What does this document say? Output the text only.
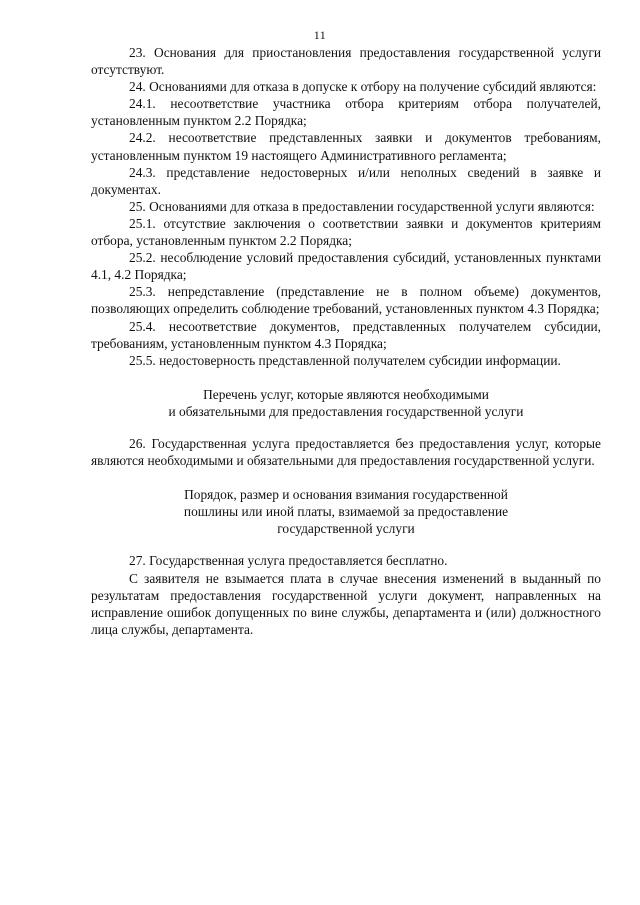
11

23. Основания для приостановления предоставления государственной услуги отсутствуют.

24. Основаниями для отказа в допуске к отбору на получение субсидий являются:

24.1. несоответствие участника отбора критериям отбора получателей, установленным пунктом 2.2 Порядка;

24.2. несоответствие представленных заявки и документов требованиям, установленным пунктом 19 настоящего Административного регламента;

24.3. представление недостоверных и/или неполных сведений в заявке и документах.

25. Основаниями для отказа в предоставлении государственной услуги являются:

25.1. отсутствие заключения о соответствии заявки и документов критериям отбора, установленным пунктом 2.2 Порядка;

25.2. несоблюдение условий предоставления субсидий, установленных пунктами 4.1, 4.2 Порядка;

25.3. непредставление (представление не в полном объеме) документов, позволяющих определить соблюдение требований, установленных пунктом 4.3 Порядка;

25.4. несоответствие документов, представленных получателем субсидии, требованиям, установленным пунктом 4.3 Порядка;

25.5. недостоверность представленной получателем субсидии информации.

Перечень услуг, которые являются необходимыми

и обязательными для предоставления государственной услуги

26. Государственная услуга предоставляется без предоставления услуг, которые являются необходимыми и обязательными для предоставления государственной услуги.

Порядок, размер и основания взимания государственной

пошлины или иной платы, взимаемой за предоставление

государственной услуги

27. Государственная услуга предоставляется бесплатно.

С заявителя не взымается плата в случае внесения изменений в выданный по результатам предоставления государственной услуги документ, направленных на исправление ошибок допущенных по вине службы, департамента и (или) должностного лица службы, департамента.
